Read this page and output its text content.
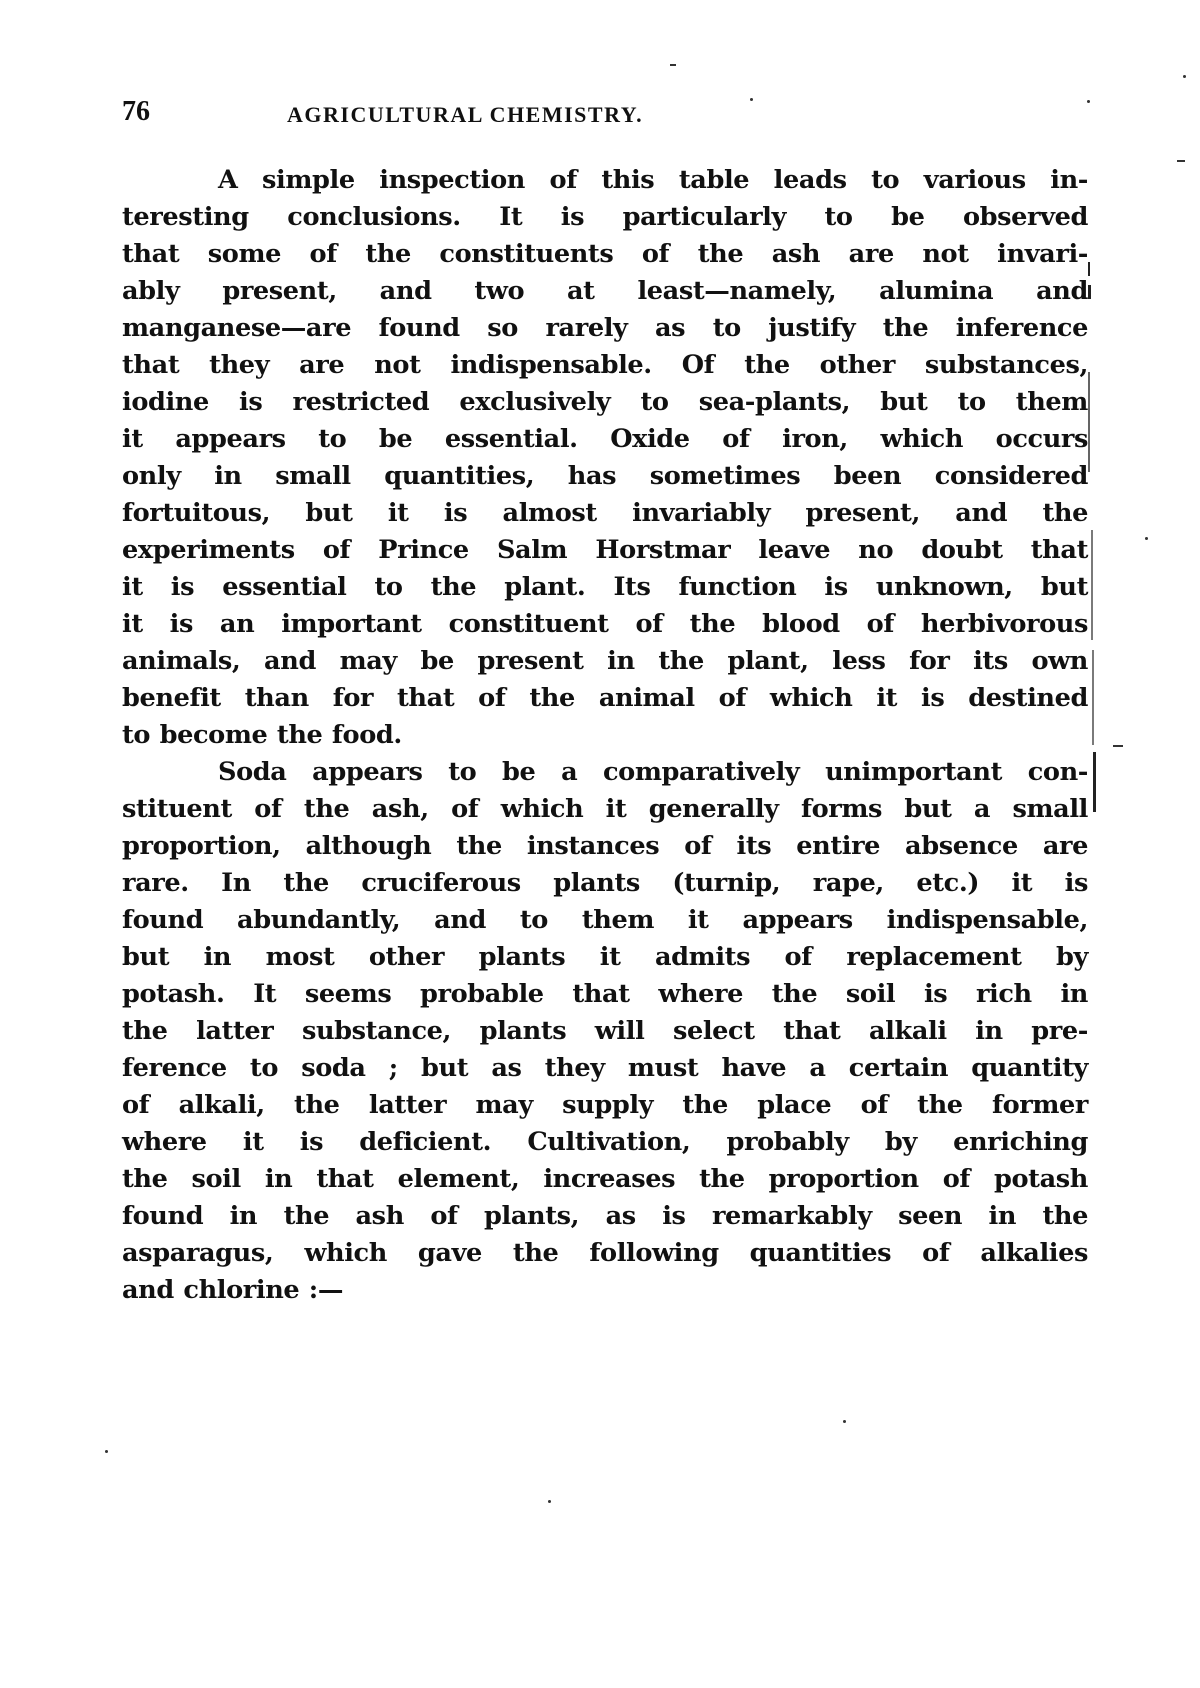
76	AGRICULTURAL CHEMISTRY.

A simple inspection of this table leads to various in-
teresting conclusions. It is particularly to be observed
that some of the constituents of the ash are not invari-
ably present, and two at least—namely, alumina and
manganese—are found so rarely as to justify the inference
that they are not indispensable. Of the other substances,
iodine is restricted exclusively to sea-plants, but to them
it appears to be essential. Oxide of iron, which occurs
only in small quantities, has sometimes been considered
fortuitous, but it is almost invariably present, and the
experiments of Prince Salm Horstmar leave no doubt that
it is essential to the plant. Its function is unknown, but
it is an important constituent of the blood of herbivorous
animals, and may be present in the plant, less for its own
benefit than for that of the animal of which it is destined
to become the food.

Soda appears to be a comparatively unimportant con-
stituent of the ash, of which it generally forms but a small
proportion, although the instances of its entire absence are
rare. In the cruciferous plants (turnip, rape, etc.) it is
found abundantly, and to them it appears indispensable,
but in most other plants it admits of replacement by
potash. It seems probable that where the soil is rich in
the latter substance, plants will select that alkali in pre-
ference to soda ; but as they must have a certain quantity
of alkali, the latter may supply the place of the former
where it is deficient. Cultivation, probably by enriching
the soil in that element, increases the proportion of potash
found in the ash of plants, as is remarkably seen in the
asparagus, which gave the following quantities of alkalies
and chlorine :—
